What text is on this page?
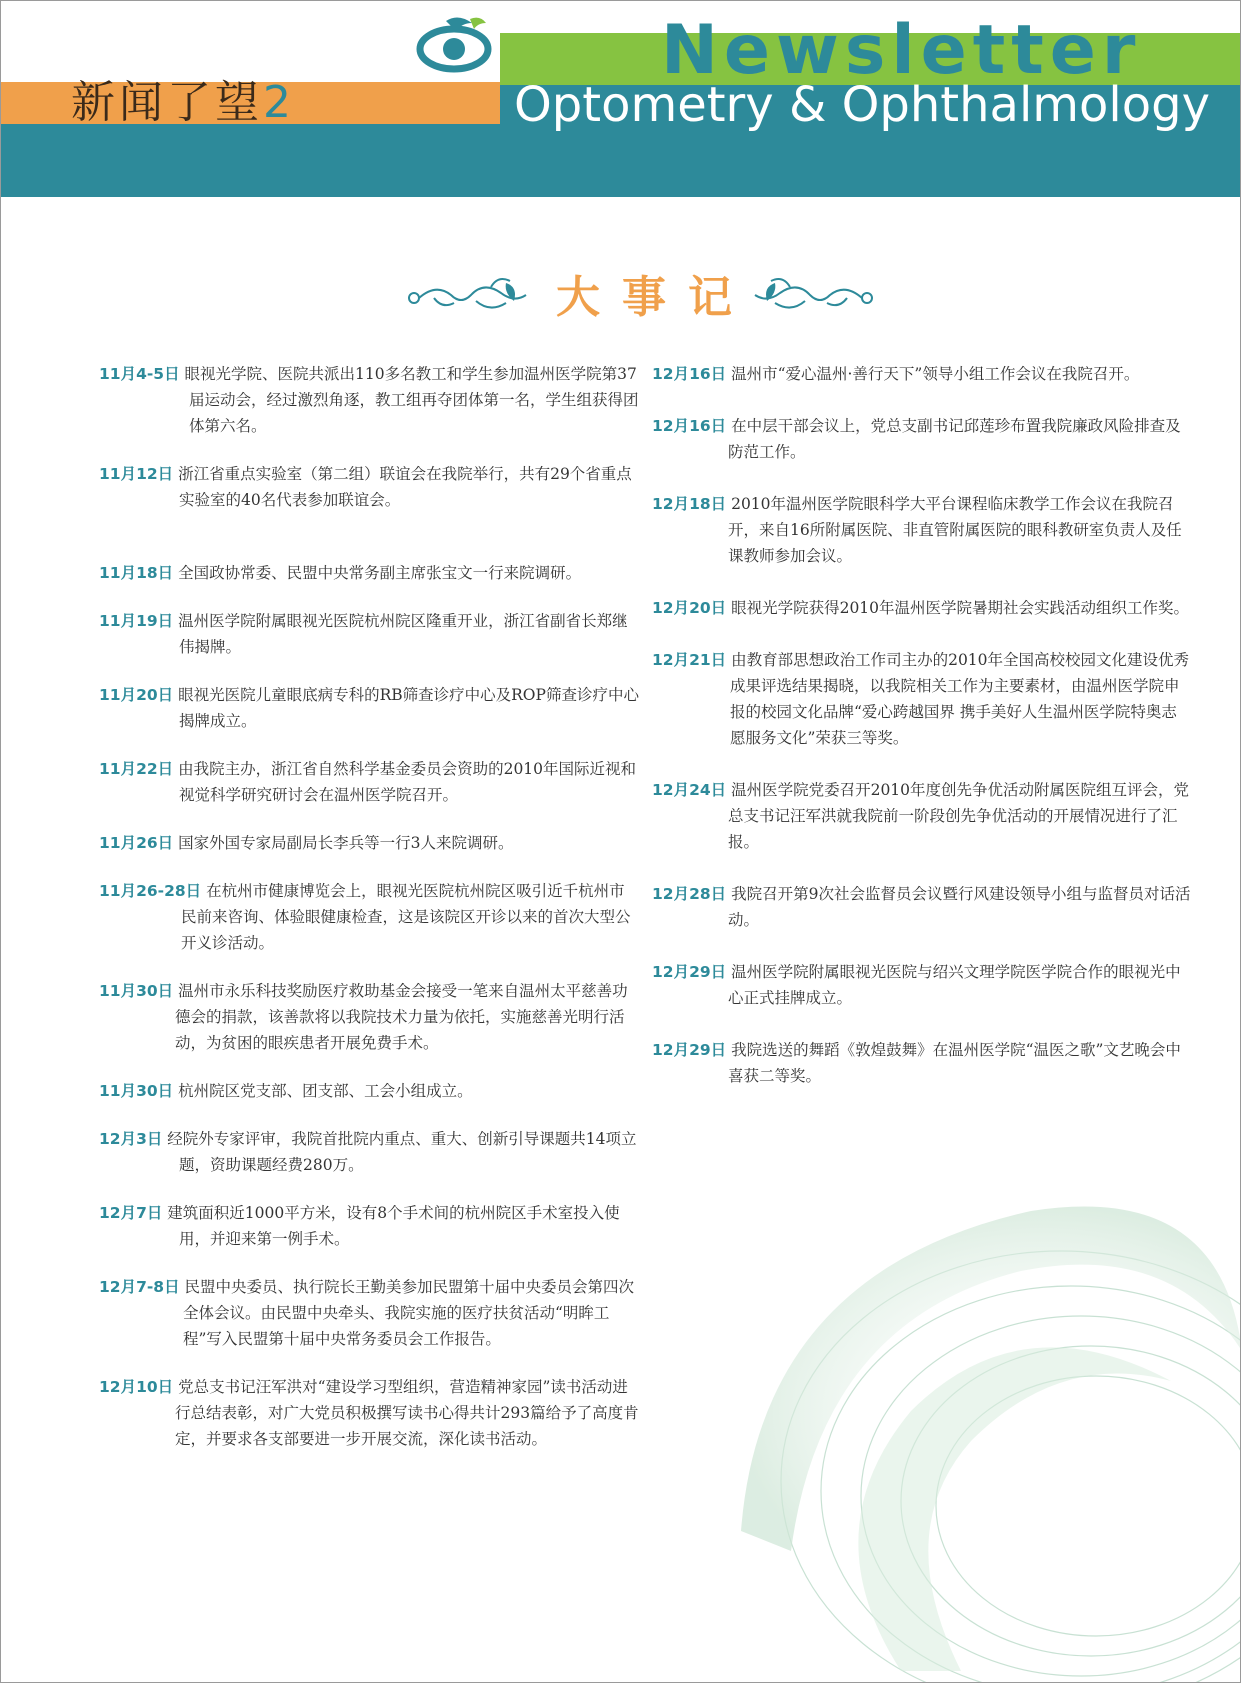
新闻了望2
Newsletter
Optometry & Ophthalmology
大事记
11月4-5日 眼视光学院、医院共派出110多名教工和学生参加温州医学院第37届运动会，经过激烈角逐，教工组再夺团体第一名，学生组获得团体第六名。
11月12日 浙江省重点实验室（第二组）联谊会在我院举行，共有29个省重点实验室的40名代表参加联谊会。
11月18日 全国政协常委、民盟中央常务副主席张宝文一行来院调研。
11月19日 温州医学院附属眼视光医院杭州院区隆重开业，浙江省副省长郑继伟揭牌。
11月20日 眼视光医院儿童眼底病专科的RB筛查诊疗中心及ROP筛查诊疗中心揭牌成立。
11月22日 由我院主办，浙江省自然科学基金委员会资助的2010年国际近视和视觉科学研究研讨会在温州医学院召开。
11月26日 国家外国专家局副局长李兵等一行3人来院调研。
11月26-28日 在杭州市健康博览会上，眼视光医院杭州院区吸引近千杭州市民前来咨询、体验眼健康检查，这是该院区开诊以来的首次大型公开义诊活动。
11月30日 温州市永乐科技奖励医疗救助基金会接受一笔来自温州太平慈善功德会的捐款，该善款将以我院技术力量为依托，实施慈善光明行活动，为贫困的眼疾患者开展免费手术。
11月30日 杭州院区党支部、团支部、工会小组成立。
12月3日 经院外专家评审，我院首批院内重点、重大、创新引导课题共14项立题，资助课题经费280万。
12月7日 建筑面积近1000平方米，设有8个手术间的杭州院区手术室投入使用，并迎来第一例手术。
12月7-8日 民盟中央委员、执行院长王勤美参加民盟第十届中央委员会第四次全体会议。由民盟中央牵头、我院实施的医疗扶贫活动“明眸工程”写入民盟第十届中央常务委员会工作报告。
12月10日 党总支书记汪军洪对“建设学习型组织，营造精神家园”读书活动进行总结表彰，对广大党员积极撰写读书心得共计293篇给予了高度肯定，并要求各支部要进一步开展交流，深化读书活动。
12月16日 温州市“爱心温州·善行天下”领导小组工作会议在我院召开。
12月16日 在中层干部会议上，党总支副书记邱莲珍布置我院廉政风险排查及防范工作。
12月18日 2010年温州医学院眼科学大平台课程临床教学工作会议在我院召开，来自16所附属医院、非直管附属医院的眼科教研室负责人及任课教师参加会议。
12月20日 眼视光学院获得2010年温州医学院暑期社会实践活动组织工作奖。
12月21日 由教育部思想政治工作司主办的2010年全国高校校园文化建设优秀成果评选结果揭晓，以我院相关工作为主要素材，由温州医学院申报的校园文化品牌“爱心跨越国界 携手美好人生温州医学院特奥志愿服务文化”荣获三等奖。
12月24日 温州医学院党委召开2010年度创先争优活动附属医院组互评会，党总支书记汪军洪就我院前一阶段创先争优活动的开展情况进行了汇报。
12月28日 我院召开第9次社会监督员会议暨行风建设领导小组与监督员对话活动。
12月29日 温州医学院附属眼视光医院与绍兴文理学院医学院合作的眼视光中心正式挂牌成立。
12月29日 我院选送的舞蹈《敦煌鼓舞》在温州医学院“温医之歌”文艺晚会中喜获二等奖。
